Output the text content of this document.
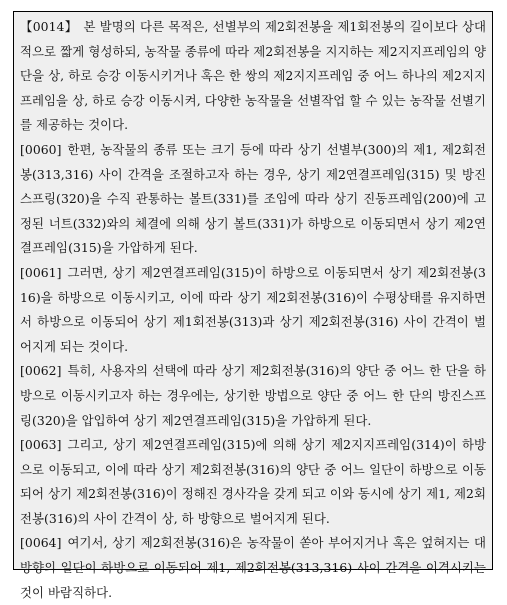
【0014】 본 발명의 다른 목적은, 선별부의 제2회전봉을 제1회전봉의 길이보다 상대적으로 짧게 형성하되, 농작물 종류에 따라 제2회전봉을 지지하는 제2지지프레임의 양단을 상, 하로 승강 이동시키거나 혹은 한 쌍의 제2지지프레임 중 어느 하나의 제2지지프레임을 상, 하로 승강 이동시켜, 다양한 농작물을 선별작업 할 수 있는 농작물 선별기를 제공하는 것이다.

[0060] 한편, 농작물의 종류 또는 크기 등에 따라 상기 선별부(300)의 제1, 제2회전봉(313,316) 사이 간격을 조절하고자 하는 경우, 상기 제2연결프레임(315) 및 방진스프링(320)을 수직 관통하는 볼트(331)를 조임에 따라 상기 진동프레임(200)에 고정된 너트(332)와의 체결에 의해 상기 볼트(331)가 하방으로 이동되면서 상기 제2연결프레임(315)을 가압하게 된다.

[0061] 그러면, 상기 제2연결프레임(315)이 하방으로 이동되면서 상기 제2회전봉(316)을 하방으로 이동시키고, 이에 따라 상기 제2회전봉(316)이 수평상태를 유지하면서 하방으로 이동되어 상기 제1회전봉(313)과 상기 제2회전봉(316) 사이 간격이 벌어지게 되는 것이다.

[0062] 특히, 사용자의 선택에 따라 상기 제2회전봉(316)의 양단 중 어느 한 단을 하방으로 이동시키고자 하는 경우에는, 상기한 방법으로 양단 중 어느 한 단의 방진스프링(320)을 압입하여 상기 제2연결프레임(315)을 가압하게 된다.

[0063] 그리고, 상기 제2연결프레임(315)에 의해 상기 제2지지프레임(314)이 하방으로 이동되고, 이에 따라 상기 제2회전봉(316)의 양단 중 어느 일단이 하방으로 이동되어 상기 제2회전봉(316)이 정해진 경사각을 갖게 되고 이와 동시에 상기 제1, 제2회전봉(316)의 사이 간격이 상, 하 방향으로 벌어지게 된다.

[0064] 여기서, 상기 제2회전봉(316)은 농작물이 쏟아 부어지거나 혹은 엎혀지는 대방향의 일단이 하방으로 이동되어 제1, 제2회전봉(313,316) 사이 간격을 이격시키는 것이 바람직하다.
